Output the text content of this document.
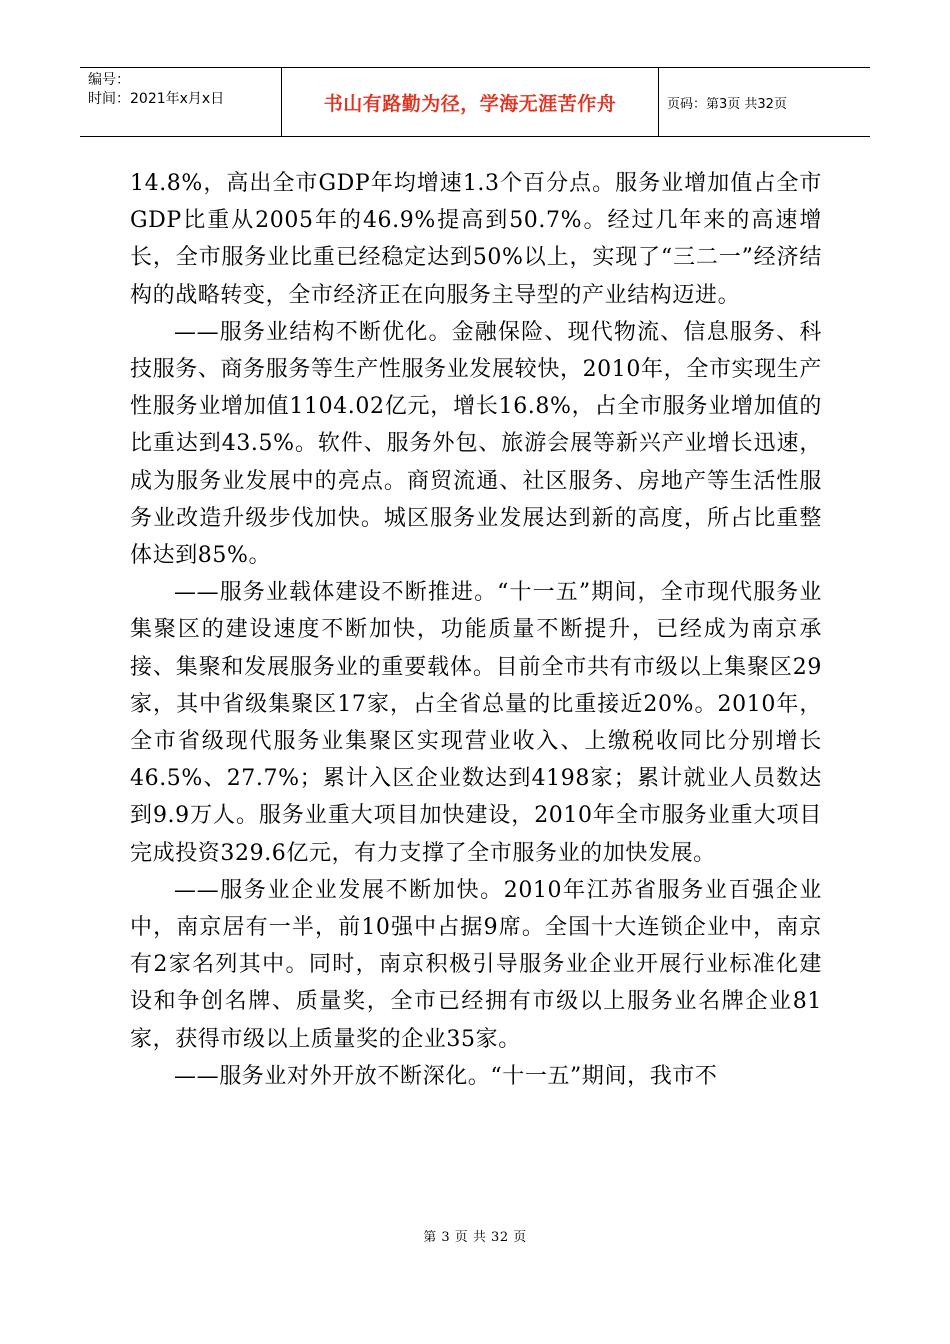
编号：
时间：2021年x月x日	书山有路勤为径，学海无涯苦作舟	页码：第3页 共32页

14.8%，高出全市GDP年均增速1.3个百分点。服务业增加值占全市GDP比重从2005年的46.9%提高到50.7%。经过几年来的高速增长，全市服务业比重已经稳定达到50%以上，实现了“三二一”经济结构的战略转变，全市经济正在向服务主导型的产业结构迈进。

——服务业结构不断优化。金融保险、现代物流、信息服务、科技服务、商务服务等生产性服务业发展较快，2010年，全市实现生产性服务业增加值1104.02亿元，增长16.8%，占全市服务业增加值的比重达到43.5%。软件、服务外包、旅游会展等新兴产业增长迅速，成为服务业发展中的亮点。商贸流通、社区服务、房地产等生活性服务业改造升级步伐加快。城区服务业发展达到新的高度，所占比重整体达到85%。

——服务业载体建设不断推进。“十一五”期间，全市现代服务业集聚区的建设速度不断加快，功能质量不断提升，已经成为南京承接、集聚和发展服务业的重要载体。目前全市共有市级以上集聚区29家，其中省级集聚区17家，占全省总量的比重接近20%。2010年，全市省级现代服务业集聚区实现营业收入、上缴税收同比分别增长46.5%、27.7%；累计入区企业数达到4198家；累计就业人员数达到9.9万人。服务业重大项目加快建设，2010年全市服务业重大项目完成投资329.6亿元，有力支撑了全市服务业的加快发展。

——服务业企业发展不断加快。2010年江苏省服务业百强企业中，南京居有一半，前10强中占据9席。全国十大连锁企业中，南京有2家名列其中。同时，南京积极引导服务业企业开展行业标准化建设和争创名牌、质量奖，全市已经拥有市级以上服务业名牌企业81家，获得市级以上质量奖的企业35家。

——服务业对外开放不断深化。“十一五”期间，我市不

第 3 页 共 32 页
